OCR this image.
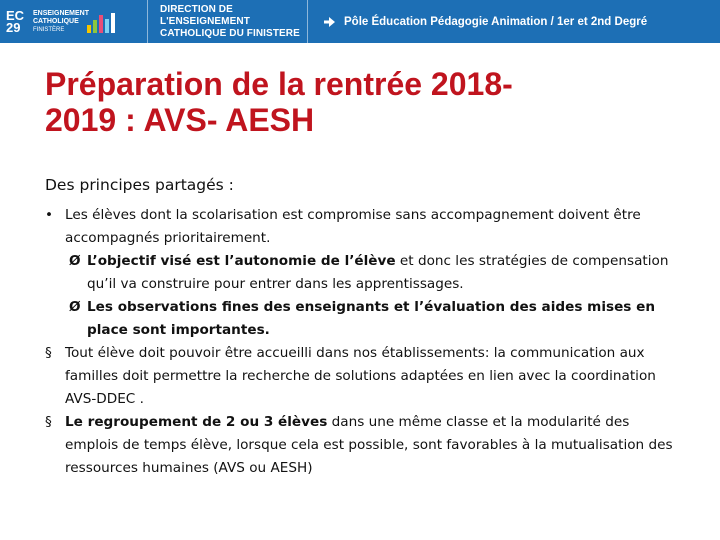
EC
29
ENSEIGNEMENT
CATHOLIQUE
FINISTÈRE
DIRECTION DE L'ENSEIGNEMENT
CATHOLIQUE DU FINISTERE
Pôle Éducation Pédagogie Animation / 1er et 2nd Degré
Préparation de la rentrée 2018-
2019 : AVS- AESH
Des principes partagés :
• Les élèves dont la scolarisation est compromise sans accompagnement doivent être accompagnés prioritairement.
Ø L’objectif visé est l’autonomie de l’élève et donc les stratégies de compensation qu’il va construire pour entrer dans les apprentissages.
Ø Les observations fines des enseignants et l’évaluation des aides mises en place sont importantes.
§ Tout élève doit pouvoir être accueilli dans nos établissements: la communication aux familles doit permettre la recherche de solutions adaptées en lien avec la coordination AVS-DDEC .
§ Le regroupement de 2 ou 3 élèves dans une même classe et la modularité des emplois de temps élève, lorsque cela est possible, sont favorables à la mutualisation des ressources humaines (AVS ou AESH)
